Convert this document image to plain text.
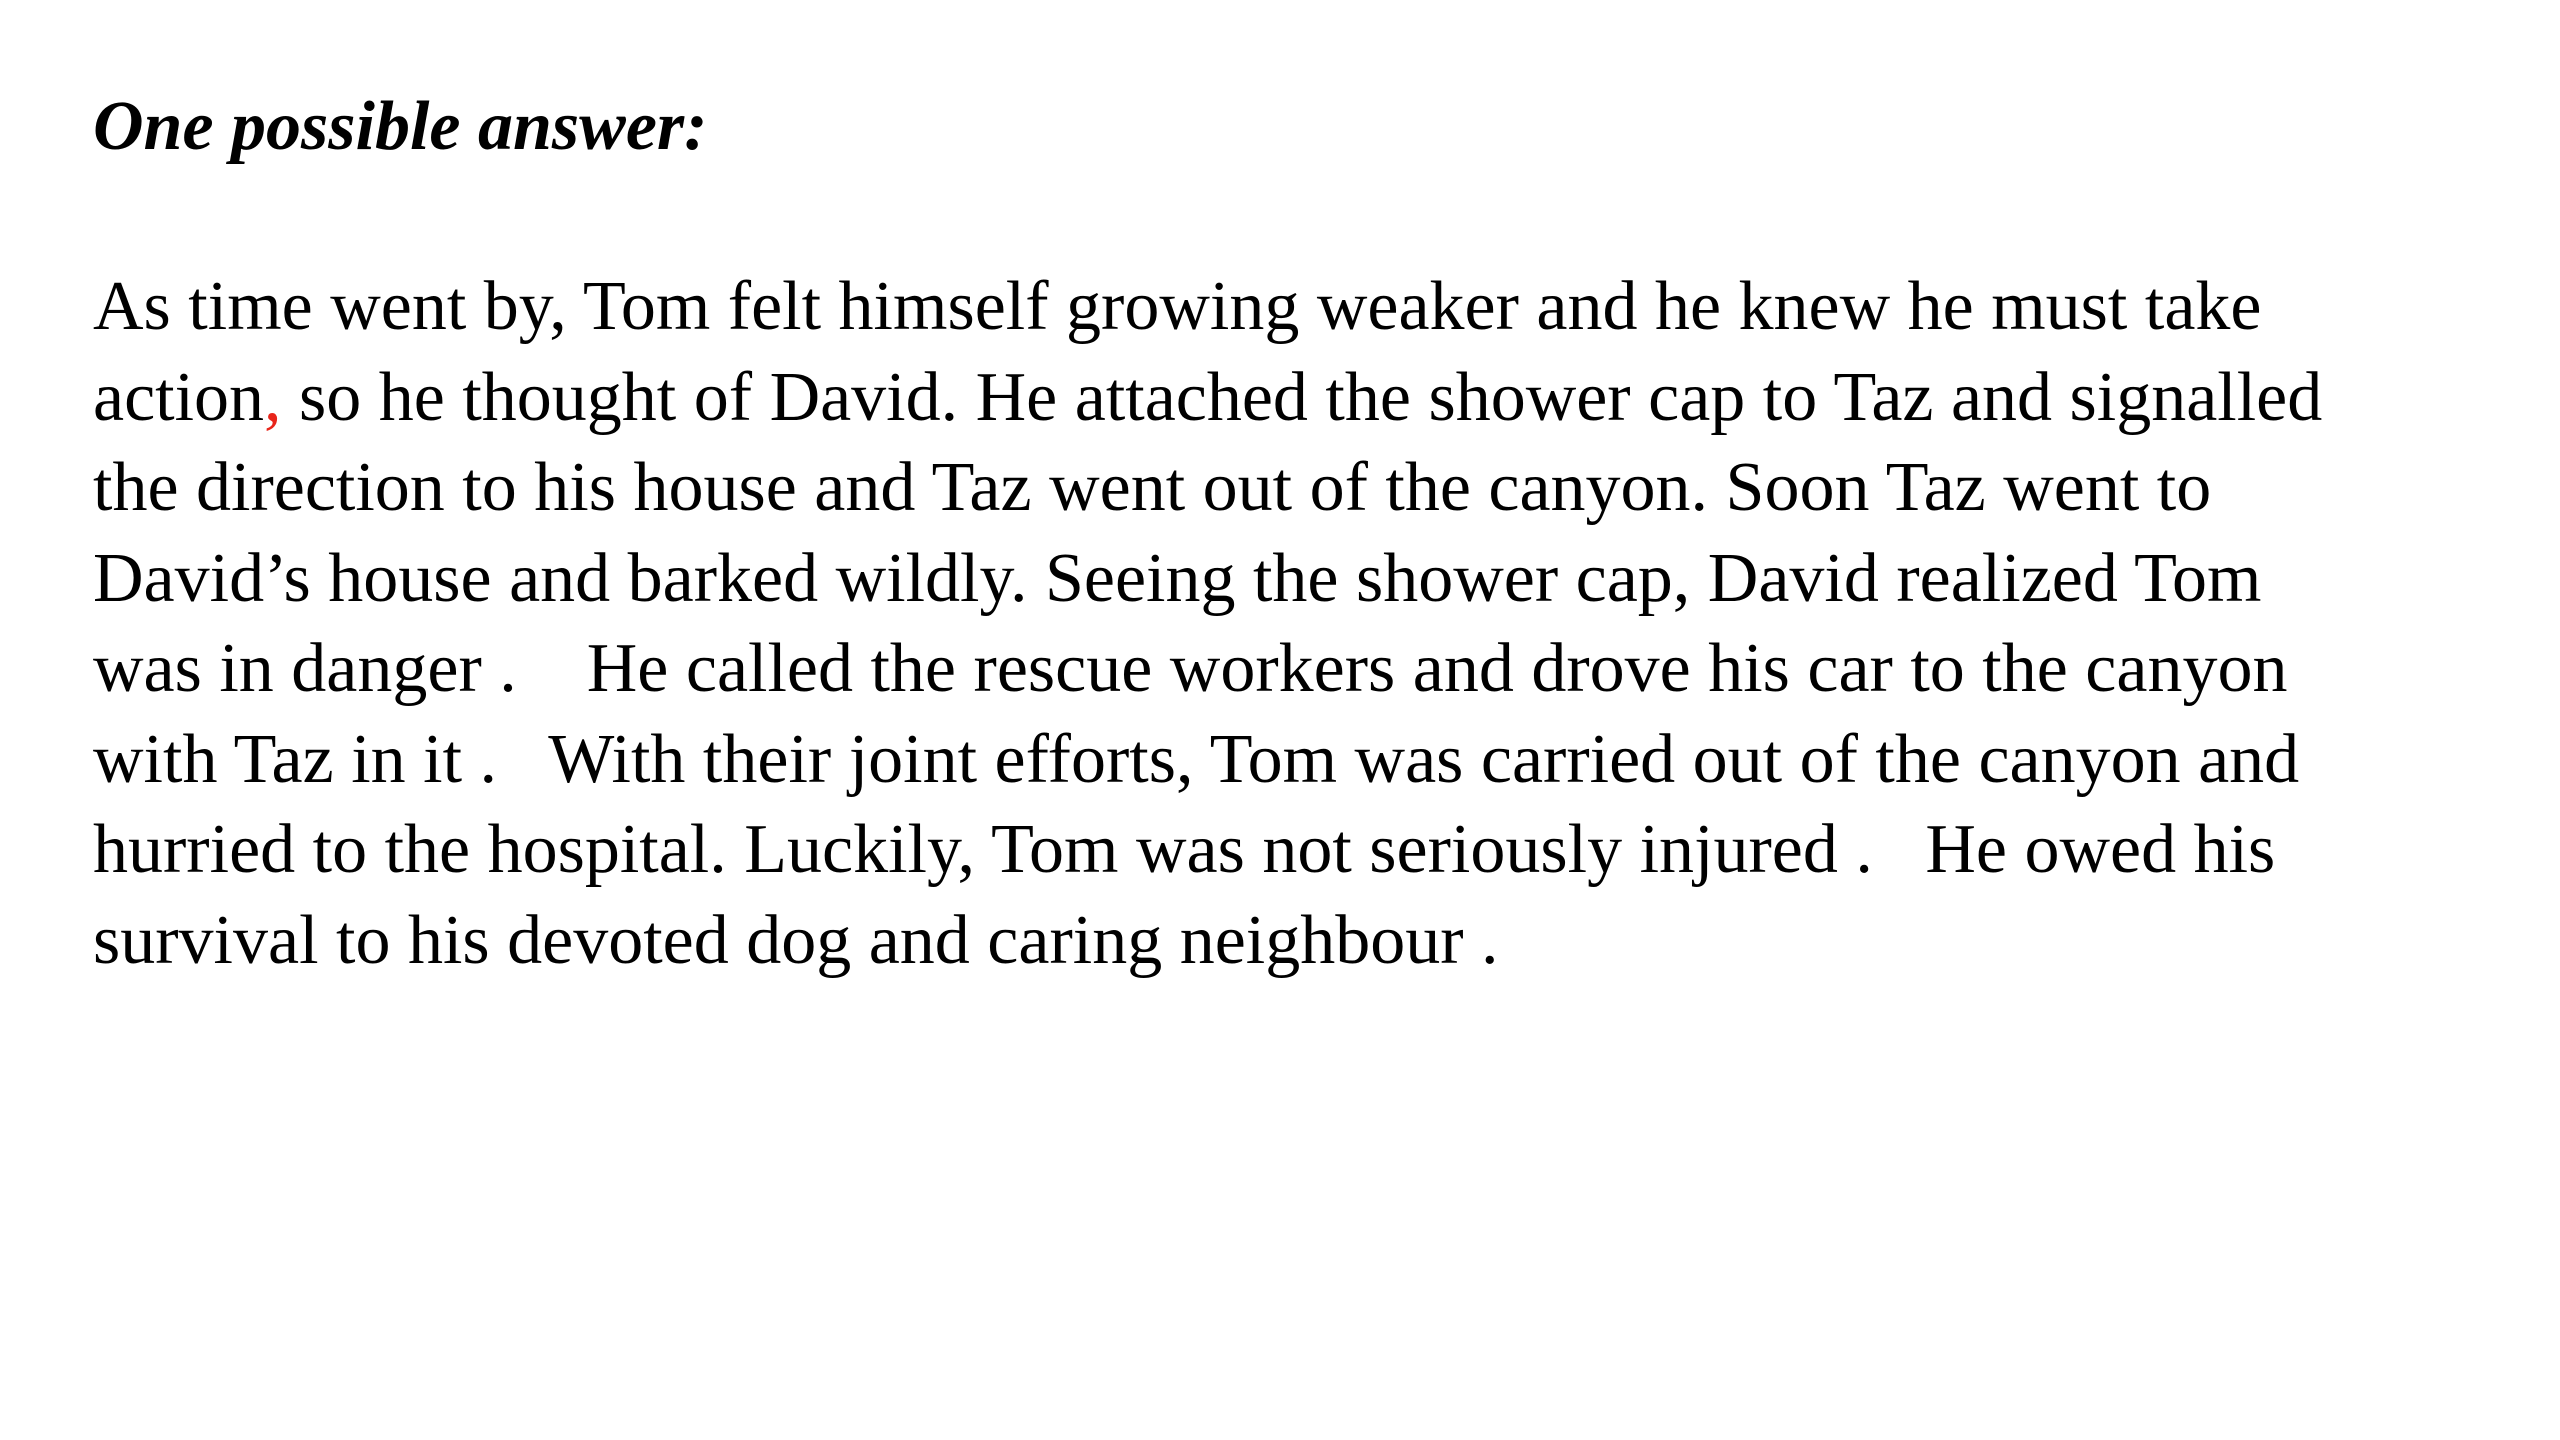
One possible answer:
As time went by, Tom felt himself growing weaker and he knew he must take
action, so he thought of David. He attached the shower cap to Taz and signalled
the direction to his house and Taz went out of the canyon. Soon Taz went to
David’s house and barked wildly. Seeing the shower cap, David realized Tom
was in danger .    He called the rescue workers and drove his car to the canyon
with Taz in it .   With their joint efforts, Tom was carried out of the canyon and
hurried to the hospital. Luckily, Tom was not seriously injured .   He owed his
survival to his devoted dog and caring neighbour .
